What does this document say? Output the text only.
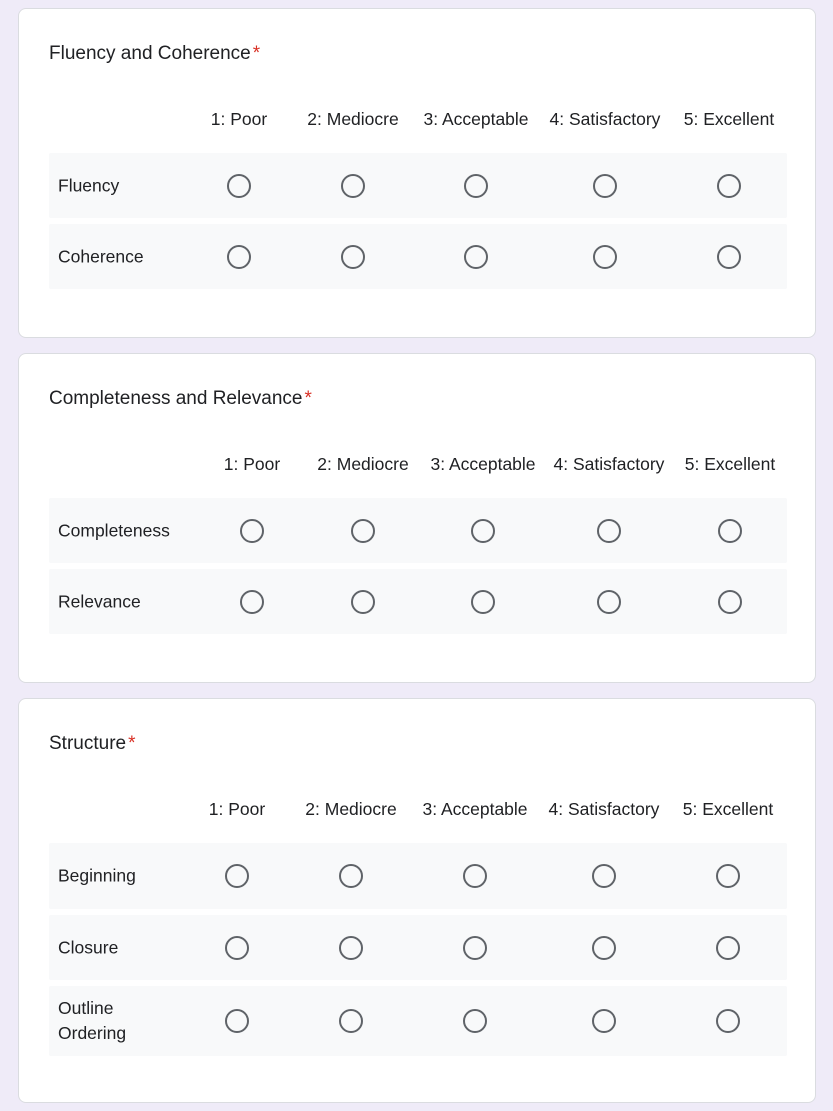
Fluency and Coherence *
1: Poor 2: Mediocre 3: Acceptable 4: Satisfactory 5: Excellent
Fluency
Coherence
Completeness and Relevance *
1: Poor 2: Mediocre 3: Acceptable 4: Satisfactory 5: Excellent
Completeness
Relevance
Structure *
1: Poor 2: Mediocre 3: Acceptable 4: Satisfactory 5: Excellent
Beginning
Closure
Outline Ordering
